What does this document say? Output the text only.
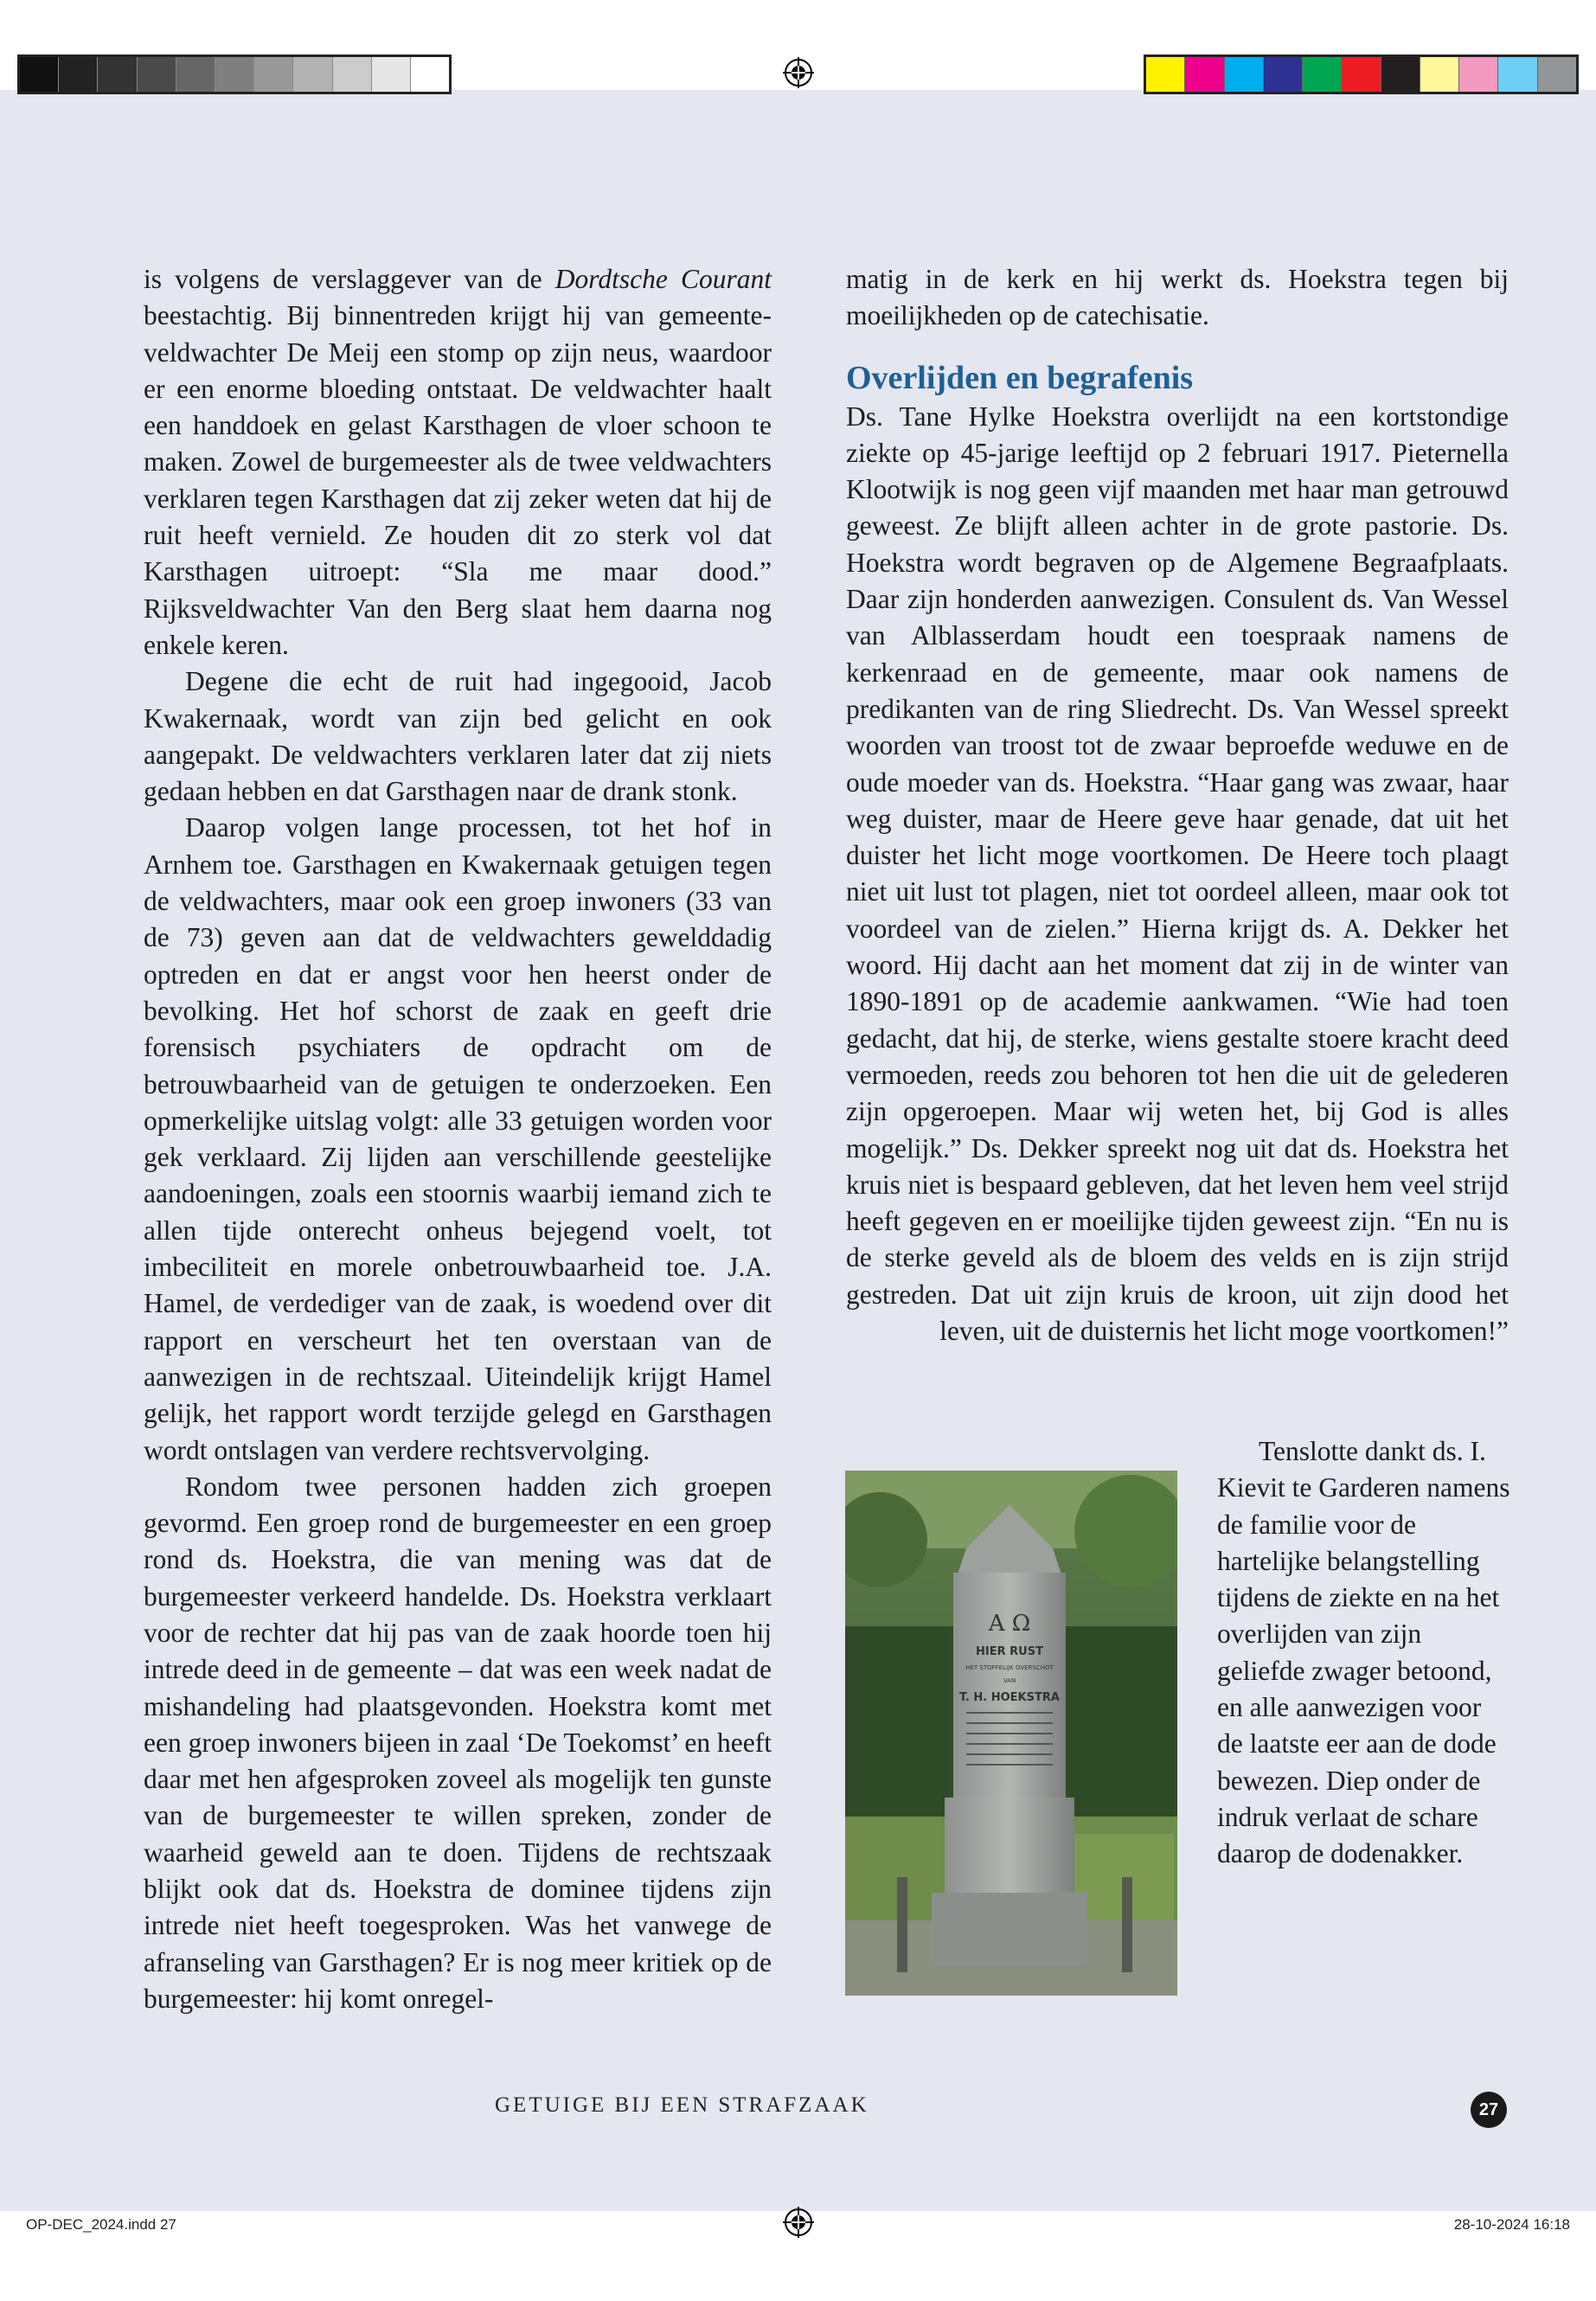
is volgens de verslaggever van de Dordtsche Courant beestachtig. Bij binnentreden krijgt hij van gemeente-veldwachter De Meij een stomp op zijn neus, waardoor er een enorme bloeding ontstaat. De veldwachter haalt een handdoek en gelast Karsthagen de vloer schoon te maken. Zowel de burgemeester als de twee veldwachters verklaren tegen Karsthagen dat zij zeker weten dat hij de ruit heeft vernield. Ze houden dit zo sterk vol dat Karsthagen uitroept: “Sla me maar dood.” Rijksveldwachter Van den Berg slaat hem daarna nog enkele keren.

Degene die echt de ruit had ingegooid, Jacob Kwakernaak, wordt van zijn bed gelicht en ook aangepakt. De veldwachters verklaren later dat zij niets gedaan hebben en dat Garsthagen naar de drank stonk.

Daarop volgen lange processen, tot het hof in Arnhem toe. Garsthagen en Kwakernaak getuigen tegen de veldwachters, maar ook een groep inwoners (33 van de 73) geven aan dat de veldwachters gewelddadig optreden en dat er angst voor hen heerst onder de bevolking. Het hof schorst de zaak en geeft drie forensisch psychiaters de opdracht om de betrouwbaarheid van de getuigen te onderzoeken. Een opmerkelijke uitslag volgt: alle 33 getuigen worden voor gek verklaard. Zij lijden aan verschillende geestelijke aandoeningen, zoals een stoornis waarbij iemand zich te allen tijde onterecht onheus bejegend voelt, tot imbeciliteit en morele onbetrouwbaarheid toe. J.A. Hamel, de verdediger van de zaak, is woedend over dit rapport en verscheurt het ten overstaan van de aanwezigen in de rechtszaal. Uiteindelijk krijgt Hamel gelijk, het rapport wordt terzijde gelegd en Garsthagen wordt ontslagen van verdere rechtsvervolging.

Rondom twee personen hadden zich groepen gevormd. Een groep rond de burgemeester en een groep rond ds. Hoekstra, die van mening was dat de burgemeester verkeerd handelde. Ds. Hoekstra verklaart voor de rechter dat hij pas van de zaak hoorde toen hij intrede deed in de gemeente – dat was een week nadat de mishandeling had plaatsgevonden. Hoekstra komt met een groep inwoners bijeen in zaal ‘De Toekomst’ en heeft daar met hen afgesproken zoveel als mogelijk ten gunste van de burgemeester te willen spreken, zonder de waarheid geweld aan te doen. Tijdens de rechtszaak blijkt ook dat ds. Hoekstra de dominee tijdens zijn intrede niet heeft toegesproken. Was het vanwege de afranseling van Garsthagen? Er is nog meer kritiek op de burgemeester: hij komt onregel-

matig in de kerk en hij werkt ds. Hoekstra tegen bij moeilijkheden op de catechisatie.

Overlijden en begrafenis

Ds. Tane Hylke Hoekstra overlijdt na een kortstondige ziekte op 45-jarige leeftijd op 2 februari 1917. Pieternella Klootwijk is nog geen vijf maanden met haar man getrouwd geweest. Ze blijft alleen achter in de grote pastorie. Ds. Hoekstra wordt begraven op de Algemene Begraafplaats. Daar zijn honderden aanwezigen. Consulent ds. Van Wessel van Alblasserdam houdt een toespraak namens de kerkenraad en de gemeente, maar ook namens de predikanten van de ring Sliedrecht. Ds. Van Wessel spreekt woorden van troost tot de zwaar beproefde weduwe en de oude moeder van ds. Hoekstra. “Haar gang was zwaar, haar weg duister, maar de Heere geve haar genade, dat uit het duister het licht moge voortkomen. De Heere toch plaagt niet uit lust tot plagen, niet tot oordeel alleen, maar ook tot voordeel van de zielen.” Hierna krijgt ds. A. Dekker het woord. Hij dacht aan het moment dat zij in de winter van 1890-1891 op de academie aankwamen. “Wie had toen gedacht, dat hij, de sterke, wiens gestalte stoere kracht deed vermoeden, reeds zou behoren tot hen die uit de gelederen zijn opgeroepen. Maar wij weten het, bij God is alles mogelijk.” Ds. Dekker spreekt nog uit dat ds. Hoekstra het kruis niet is bespaard gebleven, dat het leven hem veel strijd heeft gegeven en er moeilijke tijden geweest zijn. “En nu is de sterke geveld als de bloem des velds en is zijn strijd gestreden. Dat uit zijn kruis de kroon, uit zijn dood het leven, uit de duisternis het licht moge voortkomen!”

Tenslotte dankt ds. I. Kievit te Garderen namens de familie voor de hartelijke belangstelling tijdens de ziekte en na het overlijden van zijn geliefde zwager betoond, en alle aanwezigen voor de laatste eer aan de dode bewezen. Diep onder de indruk verlaat de schare daarop de dodenakker.

A Ω
HIER RUST
HET STOFFELIJK OVERSCHOT
VAN
T. H. HOEKSTRA
GETUIGE BIJ EEN STRAFZAAK	27
OP-DEC_2024.indd 27	28-10-2024 16:18
